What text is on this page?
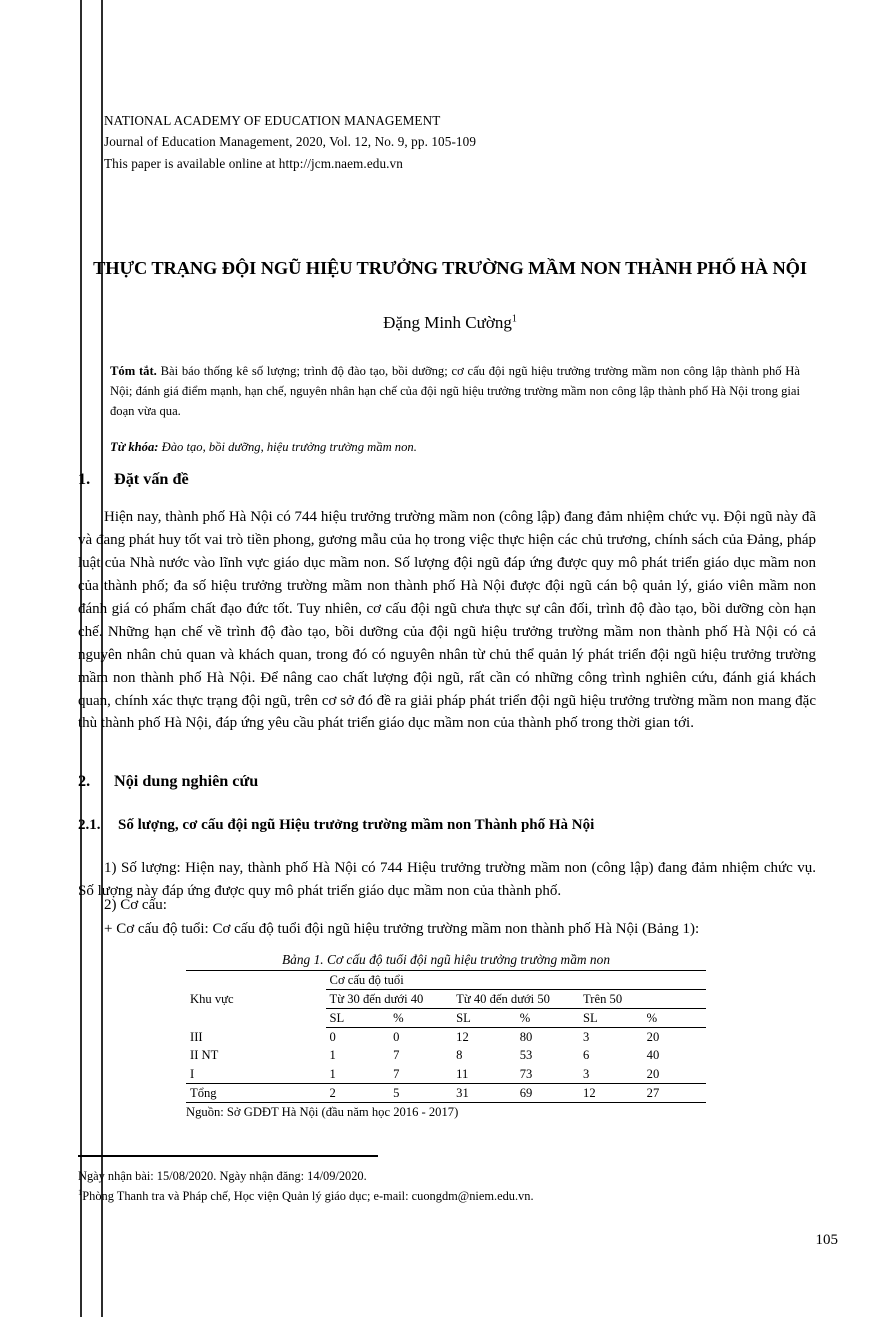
NATIONAL ACADEMY OF EDUCATION MANAGEMENT
Journal of Education Management, 2020, Vol. 12, No. 9, pp. 105-109
This paper is available online at http://jcm.naem.edu.vn
THỰC TRẠNG ĐỘI NGŨ HIỆU TRƯỞNG TRƯỜNG MẦM NON THÀNH PHỐ HÀ NỘI
Đặng Minh Cường$^1$
Tóm tắt. Bài báo thống kê số lượng; trình độ đào tạo, bồi dưỡng; cơ cấu đội ngũ hiệu trưởng trường mầm non công lập thành phố Hà Nội; đánh giá điểm mạnh, hạn chế, nguyên nhân hạn chế của đội ngũ hiệu trưởng trường mầm non công lập thành phố Hà Nội trong giai đoạn vừa qua.
Từ khóa: Đào tạo, bồi dưỡng, hiệu trưởng trường mầm non.
1. Đặt vấn đề
Hiện nay, thành phố Hà Nội có 744 hiệu trưởng trường mầm non (công lập) đang đảm nhiệm chức vụ. Đội ngũ này đã và đang phát huy tốt vai trò tiền phong, gương mẫu của họ trong việc thực hiện các chủ trương, chính sách của Đảng, pháp luật của Nhà nước vào lĩnh vực giáo dục mầm non. Số lượng đội ngũ đáp ứng được quy mô phát triển giáo dục mầm non của thành phố; đa số hiệu trưởng trường mầm non thành phố Hà Nội được đội ngũ cán bộ quản lý, giáo viên mầm non đánh giá có phẩm chất đạo đức tốt. Tuy nhiên, cơ cấu đội ngũ chưa thực sự cân đối, trình độ đào tạo, bồi dưỡng còn hạn chế. Những hạn chế về trình độ đào tạo, bồi dưỡng của đội ngũ hiệu trưởng trường mầm non thành phố Hà Nội có cả nguyên nhân chủ quan và khách quan, trong đó có nguyên nhân từ chủ thể quản lý phát triển đội ngũ hiệu trưởng trường mầm non thành phố Hà Nội. Để nâng cao chất lượng đội ngũ, rất cần có những công trình nghiên cứu, đánh giá khách quan, chính xác thực trạng đội ngũ, trên cơ sở đó đề ra giải pháp phát triển đội ngũ hiệu trưởng trường mầm non mang đặc thù thành phố Hà Nội, đáp ứng yêu cầu phát triển giáo dục mầm non của thành phố trong thời gian tới.
2. Nội dung nghiên cứu
2.1. Số lượng, cơ cấu đội ngũ Hiệu trưởng trường mầm non Thành phố Hà Nội
1) Số lượng: Hiện nay, thành phố Hà Nội có 744 Hiệu trưởng trường mầm non (công lập) đang đảm nhiệm chức vụ. Số lượng này đáp ứng được quy mô phát triển giáo dục mầm non của thành phố.
2) Cơ cấu:
+ Cơ cấu độ tuổi: Cơ cấu độ tuổi đội ngũ hiệu trưởng trường mầm non thành phố Hà Nội (Bảng 1):
Bảng 1. Cơ cấu độ tuổi đội ngũ hiệu trưởng trường mầm non
Khu vực	Cơ cấu độ tuổi					
	Từ 30 đến dưới 40		Từ 40 đến dưới 50		Trên 50	
	SL	%	SL	%	SL	%
III	0	0	12	80	3	20
II NT	1	7	8	53	6	40
I	1	7	11	73	3	20
Tổng	2	5	31	69	12	27
Nguồn: Sở GDĐT Hà Nội (đầu năm học 2016 - 2017)
Ngày nhận bài: 15/08/2020. Ngày nhận đăng: 14/09/2020.
$^1$Phòng Thanh tra và Pháp chế, Học viện Quản lý giáo dục; e-mail: cuongdm@niem.edu.vn.
105
